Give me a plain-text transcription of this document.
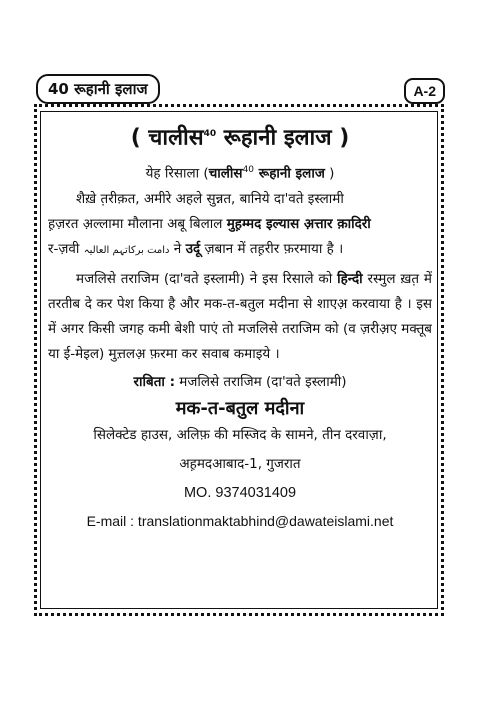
40 रूहानी इलाज	A-2
( चालीस$^{40}$ रूहानी इलाज )
येह रिसाला (चालीस$^{40}$ रूहानी इलाज )
शैख़े त़रीक़त, अमीरे अहले सुन्नत, बानिये दा'वते इस्लामी
ह़ज़रत अ़ल्लामा मौलाना अबू बिलाल मुह़म्मद इल्यास अ़त्तार क़ादिरी
र-ज़वी دامت برکاتہم العالیہ ने उर्दू ज़बान में तह़रीर फ़रमाया है ।
मजलिसे तराजिम (दा'वते इस्लामी) ने इस रिसाले को हिन्दी रस्मुल ख़त़ में तरतीब दे कर पेश किया है और मक-त-बतुल मदीना से शाएअ़ करवाया है । इस में अगर किसी जगह कमी बेशी पाएं तो मजलिसे तराजिम को (व ज़रीअ़ए मक्तूब या ई-मेइल) मुत्त़लअ़ फ़रमा कर सवाब कमाइये ।
राबिता : मजलिसे तराजिम (दा'वते इस्लामी)
मक-त-बतुल मदीना
सिलेक्टेड हाउस, अलिफ़ की मस्जिद के सामने, तीन दरवाज़ा,
अह़मदआबाद-1, गुजरात
MO. 9374031409
E-mail : translationmaktabhind@dawateislami.net
